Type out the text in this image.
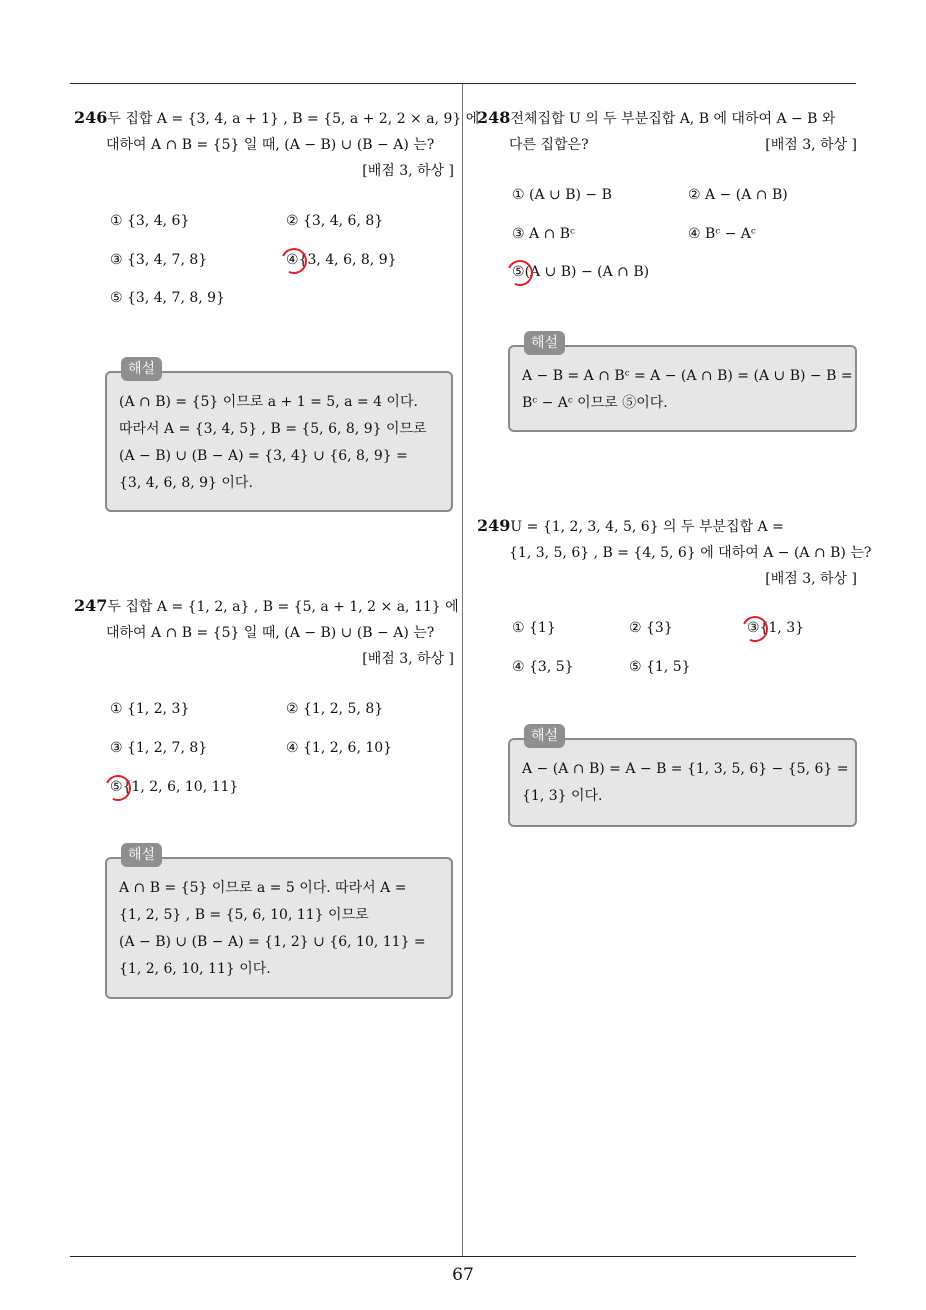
67
246두 집합 A = {3, 4, a + 1} , B = {5, a + 2, 2 × a, 9} 에
대하여 A ∩ B = {5} 일 때, (A − B) ∪ (B − A) 는?
[배점 3, 하상 ]
① {3, 4, 6}	② {3, 4, 6, 8}
③ {3, 4, 7, 8}	④{3, 4, 6, 8, 9}
⑤ {3, 4, 7, 8, 9}
해설
(A ∩ B) = {5} 이므로 a + 1 = 5, a = 4 이다.
따라서 A = {3, 4, 5} , B = {5, 6, 8, 9} 이므로
(A − B) ∪ (B − A) = {3, 4} ∪ {6, 8, 9} =
{3, 4, 6, 8, 9} 이다.
247두 집합 A = {1, 2, a} , B = {5, a + 1, 2 × a, 11} 에
대하여 A ∩ B = {5} 일 때, (A − B) ∪ (B − A) 는?
[배점 3, 하상 ]
① {1, 2, 3}	② {1, 2, 5, 8}
③ {1, 2, 7, 8}	④ {1, 2, 6, 10}
⑤{1, 2, 6, 10, 11}
해설
A ∩ B = {5} 이므로 a = 5 이다. 따라서 A =
{1, 2, 5} , B = {5, 6, 10, 11} 이므로
(A − B) ∪ (B − A) = {1, 2} ∪ {6, 10, 11} =
{1, 2, 6, 10, 11} 이다.
248전체집합 U 의 두 부분집합 A, B 에 대하여 A − B 와
다른 집합은?	[배점 3, 하상 ]
① (A ∪ B) − B	② A − (A ∩ B)
③ A ∩ Bᶜ	④ Bᶜ − Aᶜ
⑤(A ∪ B) − (A ∩ B)
해설
A − B = A ∩ Bᶜ = A − (A ∩ B) = (A ∪ B) − B =
Bᶜ − Aᶜ 이므로 ⑤이다.
249U = {1, 2, 3, 4, 5, 6} 의 두 부분집합 A =
{1, 3, 5, 6} , B = {4, 5, 6} 에 대하여 A − (A ∩ B) 는?
[배점 3, 하상 ]
① {1}	② {3}	③{1, 3}
④ {3, 5}	⑤ {1, 5}
해설
A − (A ∩ B) = A − B = {1, 3, 5, 6} − {5, 6} =
{1, 3} 이다.
